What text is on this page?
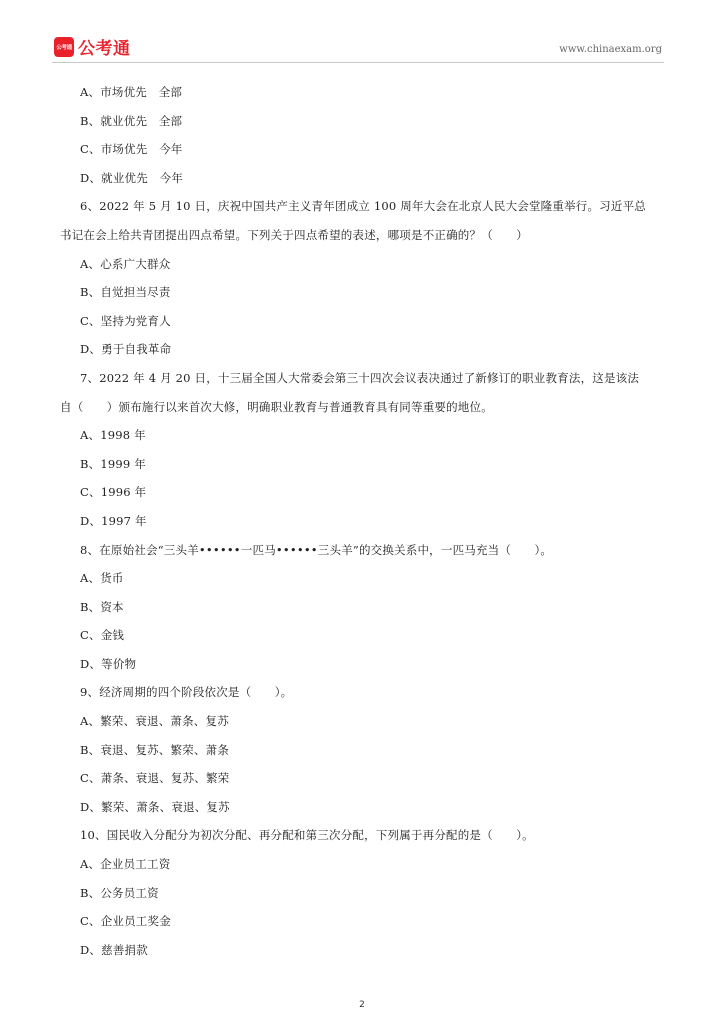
公考通 公考通	www.chinaexam.org
A、市场优先　全部
B、就业优先　全部
C、市场优先　今年
D、就业优先　今年
6、2022 年 5 月 10 日，庆祝中国共产主义青年团成立 100 周年大会在北京人民大会堂隆重举行。习近平总
书记在会上给共青团提出四点希望。下列关于四点希望的表述，哪项是不正确的？（　　）
A、心系广大群众
B、自觉担当尽责
C、坚持为党育人
D、勇于自我革命
7、2022 年 4 月 20 日，十三届全国人大常委会第三十四次会议表决通过了新修订的职业教育法，这是该法
自（　　）颁布施行以来首次大修，明确职业教育与普通教育具有同等重要的地位。
A、1998 年
B、1999 年
C、1996 年
D、1997 年
8、在原始社会“三头羊••••••一匹马••••••三头羊”的交换关系中，一匹马充当（　　）。
A、货币
B、资本
C、金钱
D、等价物
9、经济周期的四个阶段依次是（　　）。
A、繁荣、衰退、萧条、复苏
B、衰退、复苏、繁荣、萧条
C、萧条、衰退、复苏、繁荣
D、繁荣、萧条、衰退、复苏
10、国民收入分配分为初次分配、再分配和第三次分配，下列属于再分配的是（　　）。
A、企业员工工资
B、公务员工资
C、企业员工奖金
D、慈善捐款
2
